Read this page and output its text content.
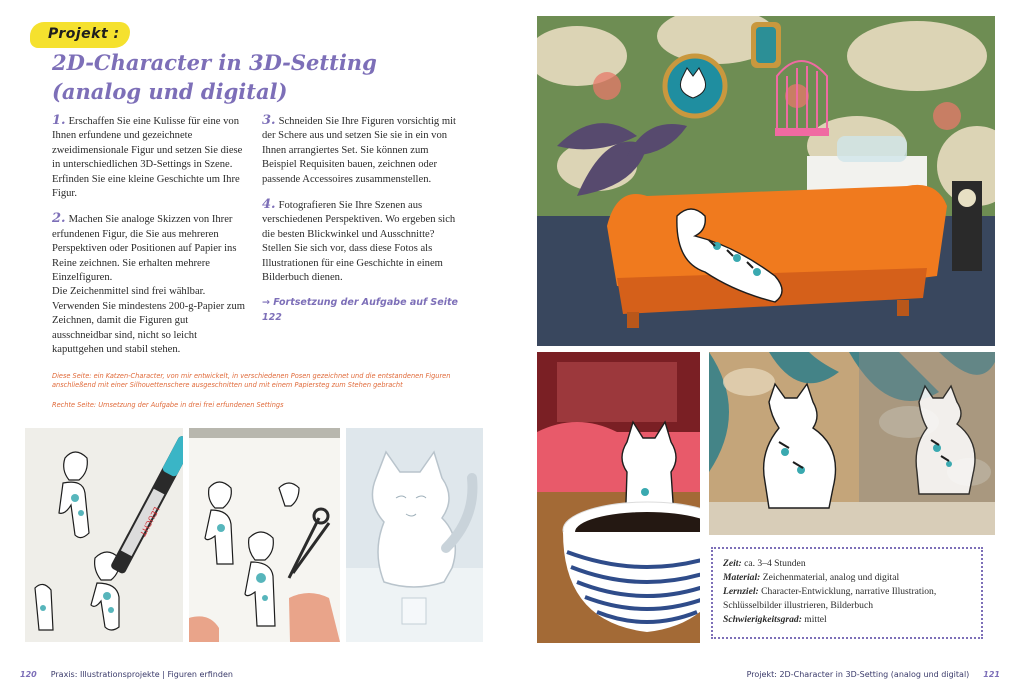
Projekt :
2D-Character in 3D-Setting
(analog und digital)

1. Erschaffen Sie eine Kulisse für eine von Ihnen erfundene und gezeichnete zweidimensionale Figur und setzen Sie diese in unterschiedlichen 3D-Settings in Szene. Erfinden Sie eine kleine Geschichte um Ihre Figur.

2. Machen Sie analoge Skizzen von Ihrer erfundenen Figur, die Sie aus mehreren Perspektiven oder Positionen auf Papier ins Reine zeichnen. Sie erhalten mehrere Einzelfiguren.

Die Zeichenmittel sind frei wählbar. Verwenden Sie mindestens 200-g-Papier zum Zeichnen, damit die Figuren gut ausschneidbar sind, nicht so leicht kaputtgehen und stabil stehen.

3. Schneiden Sie Ihre Figuren vorsichtig mit der Schere aus und setzen Sie sie in ein von Ihnen arrangiertes Set. Sie können zum Beispiel Requisiten bauen, zeichnen oder passende Accessoires zusammenstellen.

4. Fotografieren Sie Ihre Szenen aus verschiedenen Perspektiven. Wo ergeben sich die besten Blickwinkel und Ausschnitte? Stellen Sie sich vor, dass diese Fotos als Illustrationen für eine Geschichte in einem Bilderbuch dienen.

→ Fortsetzung der Aufgabe auf Seite 122

Diese Seite: ein Katzen-Character, von mir entwickelt, in verschiedenen Posen gezeichnet und die entstandenen Figuren anschließend mit einer Silhouettenschere ausgeschnitten und mit einem Papiersteg zum Stehen gebracht
Rechte Seite: Umsetzung der Aufgabe in drei frei erfundenen Settings
LEUCHT
120 Praxis: Illustrationsprojekte | Figuren erfinden
Zeit: ca. 3–4 Stunden
Material: Zeichenmaterial, analog und digital
Lernziel: Character-Entwicklung, narrative Illustration, Schlüsselbilder illustrieren, Bilderbuch
Schwierigkeitsgrad: mittel
Projekt: 2D-Character in 3D-Setting (analog und digital) 121
